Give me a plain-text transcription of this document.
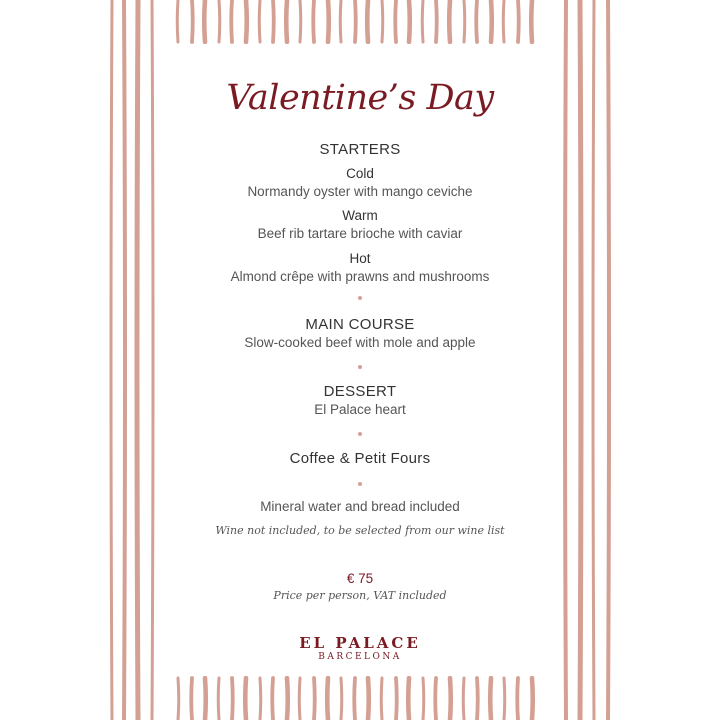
Valentine’s Day
STARTERS
Cold
Normandy oyster with mango ceviche
Warm
Beef rib tartare brioche with caviar
Hot
Almond crêpe with prawns and mushrooms
MAIN COURSE
Slow-cooked beef with mole and apple
DESSERT
El Palace heart
Coffee & Petit Fours
Mineral water and bread included
Wine not included, to be selected from our wine list
€ 75
Price per person, VAT included
EL PALACE
BARCELONA
